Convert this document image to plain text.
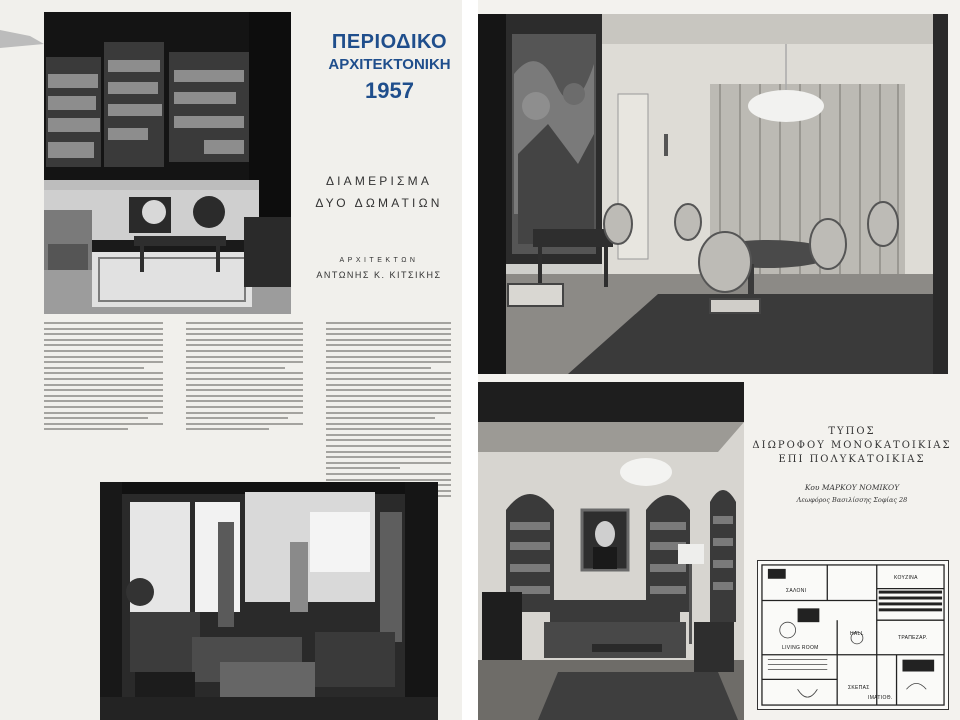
ΠΕΡΙΟΔΙΚΟ
ΑΡΧΙΤΕΚΤΟΝΙΚΗ
1957
ΔΙΑΜΕΡΙΣΜΑ
ΔΥΟ ΔΩΜΑΤΙΩΝ
ΑΡΧΙΤΕΚΤΩΝ
ΑΝΤΩΝΗΣ Κ. ΚΙΤΣΙΚΗΣ
ΤΥΠΟΣ
ΔΙΩΡΟΦΟΥ ΜΟΝΟΚΑΤΟΙΚΙΑΣ
ΕΠΙ ΠΟΛΥΚΑΤΟΙΚΙΑΣ
Κου ΜΑΡΚΟΥ ΝΟΜΙΚΟΥ
Λεωφόρος Βασιλίσσης Σοφίας 28
ΣΑΛΟΝΙ
ΚΟΥΖΙΝΑ
LIVING ROOM
HALL
ΤΡΑΠΕΖΑΡ.
ΣΚΕΠΑΣ
ΙΜΑΤΙΟΘ.
